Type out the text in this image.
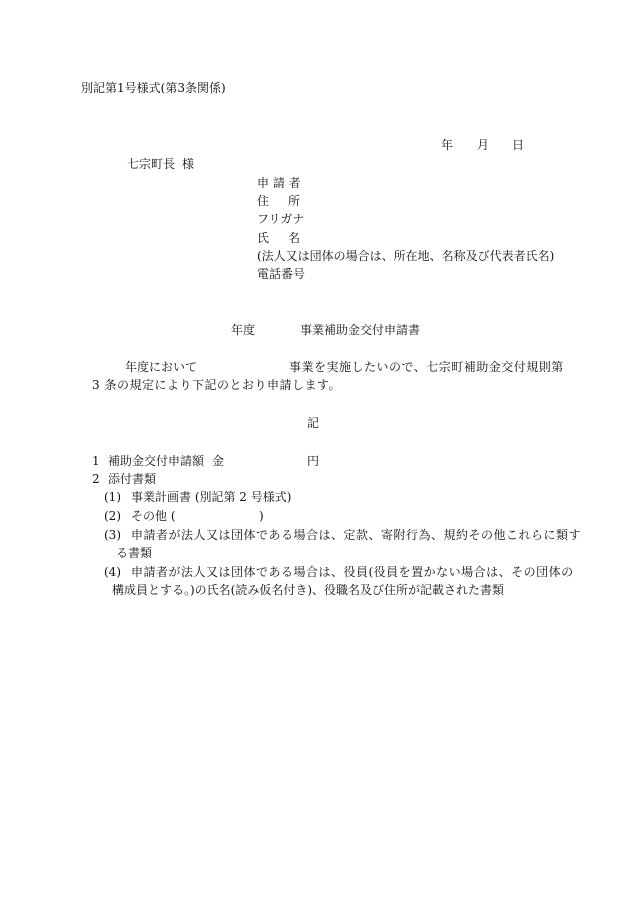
別記第1号様式(第3条関係)
年 月 日
七宗町長 様
申 請 者
住 所
フリガナ
氏 名
(法人又は団体の場合は、所在地、名称及び代表者氏名)
電話番号
年度	事業補助金交付申請書
年度において	事業を実施したいので、七宗町補助金交付規則第
3 条の規定により下記のとおり申請します。
記
1 補助金交付申請額 金	円
2 添付書類
(1) 事業計画書 (別記第 2 号様式)
(2) その他 (	)
(3) 申請者が法人又は団体である場合は、定款、寄附行為、規約その他これらに類す
る書類
(4) 申請者が法人又は団体である場合は、役員(役員を置かない場合は、その団体の
構成員とする。)の氏名(読み仮名付き)、役職名及び住所が記載された書類
